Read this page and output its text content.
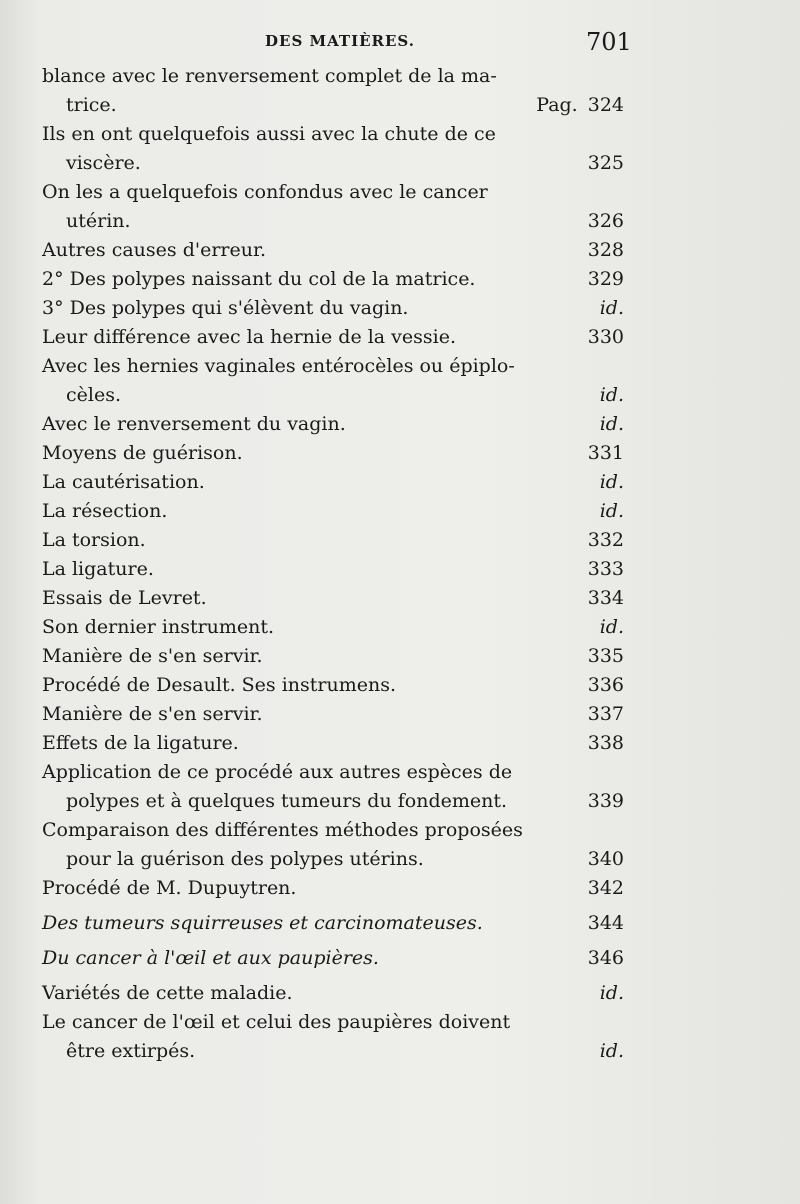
DES MATIÈRES.	701
blance avec le renversement complet de la ma-
trice.	Pag. 324
Ils en ont quelquefois aussi avec la chute de ce
viscère.	325
On les a quelquefois confondus avec le cancer
utérin.	326
Autres causes d'erreur.	328
2° Des polypes naissant du col de la matrice.	329
3° Des polypes qui s'élèvent du vagin.	id.
Leur différence avec la hernie de la vessie.	330
Avec les hernies vaginales entérocèles ou épiplo-
cèles.	id.
Avec le renversement du vagin.	id.
Moyens de guérison.	331
La cautérisation.	id.
La résection.	id.
La torsion.	332
La ligature.	333
Essais de Levret.	334
Son dernier instrument.	id.
Manière de s'en servir.	335
Procédé de Desault. Ses instrumens.	336
Manière de s'en servir.	337
Effets de la ligature.	338
Application de ce procédé aux autres espèces de
polypes et à quelques tumeurs du fondement.	339
Comparaison des différentes méthodes proposées
pour la guérison des polypes utérins.	340
Procédé de M. Dupuytren.	342
Des tumeurs squirreuses et carcinomateuses.	344
Du cancer à l'œil et aux paupières.	346
Variétés de cette maladie.	id.
Le cancer de l'œil et celui des paupières doivent
être extirpés.	id.
